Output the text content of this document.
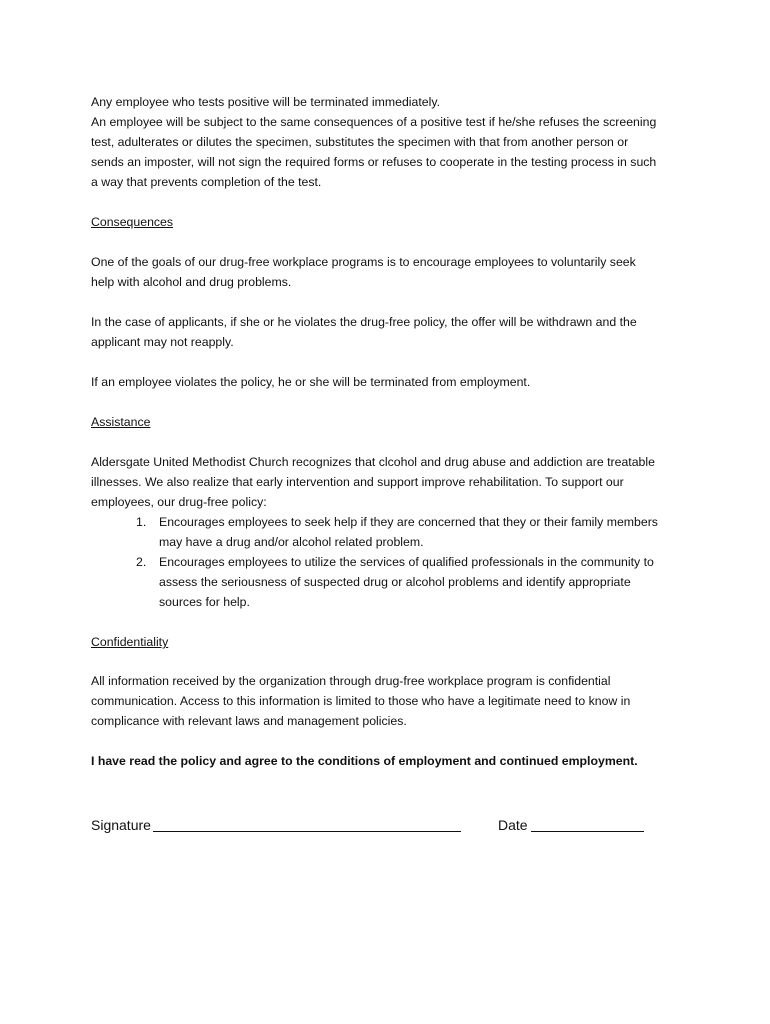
Any employee who tests positive will be terminated immediately.

An employee will be subject to the same consequences of a positive test if he/she refuses the screening

test, adulterates or dilutes the specimen, substitutes the specimen with that from another person or

sends an imposter, will not sign the required forms or refuses to cooperate in the testing process in such

a way that prevents completion of the test.

Consequences

One of the goals of our drug-free workplace programs is to encourage employees to voluntarily seek

help with alcohol and drug problems.

In the case of applicants, if she or he violates the drug-free policy, the offer will be withdrawn and the

applicant may not reapply.

If an employee violates the policy, he or she will be terminated from employment.

Assistance

Aldersgate United Methodist Church recognizes that clcohol and drug abuse and addiction are treatable

illnesses. We also realize that early intervention and support improve rehabilitation. To support our

employees, our drug-free policy:

1. Encourages employees to seek help if they are concerned that they or their family members

may have a drug and/or alcohol related problem.

2. Encourages employees to utilize the services of qualified professionals in the community to

assess the seriousness of suspected drug or alcohol problems and identify appropriate

sources for help.

Confidentiality

All information received by the organization through drug-free workplace program is confidential

communication. Access to this information is limited to those who have a legitimate need to know in

complicance with relevant laws and management policies.

I have read the policy and agree to the conditions of employment and continued employment.

Signature	Date
